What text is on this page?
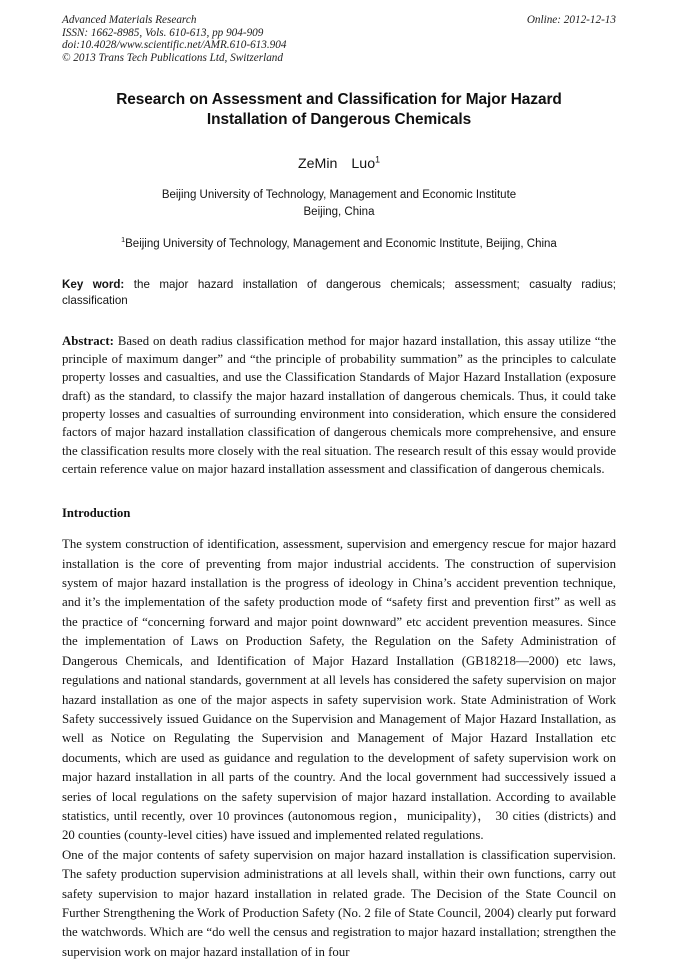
Advanced Materials Research
ISSN: 1662-8985, Vols. 610-613, pp 904-909
doi:10.4028/www.scientific.net/AMR.610-613.904
© 2013 Trans Tech Publications Ltd, Switzerland
Online: 2012-12-13
Research on Assessment and Classification for Major Hazard Installation of Dangerous Chemicals
ZeMin Luo$^1$
Beijing University of Technology, Management and Economic Institute
Beijing, China
$^1$Beijing University of Technology, Management and Economic Institute, Beijing, China
Key word: the major hazard installation of dangerous chemicals; assessment; casualty radius; classification
Abstract: Based on death radius classification method for major hazard installation, this assay utilize “the principle of maximum danger” and “the principle of probability summation” as the principles to calculate property losses and casualties, and use the Classification Standards of Major Hazard Installation (exposure draft) as the standard, to classify the major hazard installation of dangerous chemicals. Thus, it could take property losses and casualties of surrounding environment into consideration, which ensure the considered factors of major hazard installation classification of dangerous chemicals more comprehensive, and ensure the classification results more closely with the real situation. The research result of this essay would provide certain reference value on major hazard installation assessment and classification of dangerous chemicals.
Introduction

The system construction of identification, assessment, supervision and emergency rescue for major hazard installation is the core of preventing from major industrial accidents. The construction of supervision system of major hazard installation is the progress of ideology in China’s accident prevention technique, and it’s the implementation of the safety production mode of “safety first and prevention first” as well as the practice of “concerning forward and major point downward” etc accident prevention measures. Since the implementation of Laws on Production Safety, the Regulation on the Safety Administration of Dangerous Chemicals, and Identification of Major Hazard Installation (GB18218—2000) etc laws, regulations and national standards, government at all levels has considered the safety supervision on major hazard installation as one of the major aspects in safety supervision work. State Administration of Work Safety successively issued Guidance on the Supervision and Management of Major Hazard Installation, as well as Notice on Regulating the Supervision and Management of Major Hazard Installation etc documents, which are used as guidance and regulation to the development of safety supervision work on major hazard installation in all parts of the country. And the local government had successively issued a series of local regulations on the safety supervision of major hazard installation. According to available statistics, until recently, over 10 provinces (autonomous region，municipality)， 30 cities (districts) and 20 counties (county-level cities) have issued and implemented related regulations.

One of the major contents of safety supervision on major hazard installation is classification supervision. The safety production supervision administrations at all levels shall, within their own functions, carry out safety supervision to major hazard installation in related grade. The Decision of the State Council on Further Strengthening the Work of Production Safety (No. 2 file of State Council, 2004) clearly put forward the watchwords. Which are “do well the census and registration to major hazard installation; strengthen the supervision work on major hazard installation of in four
